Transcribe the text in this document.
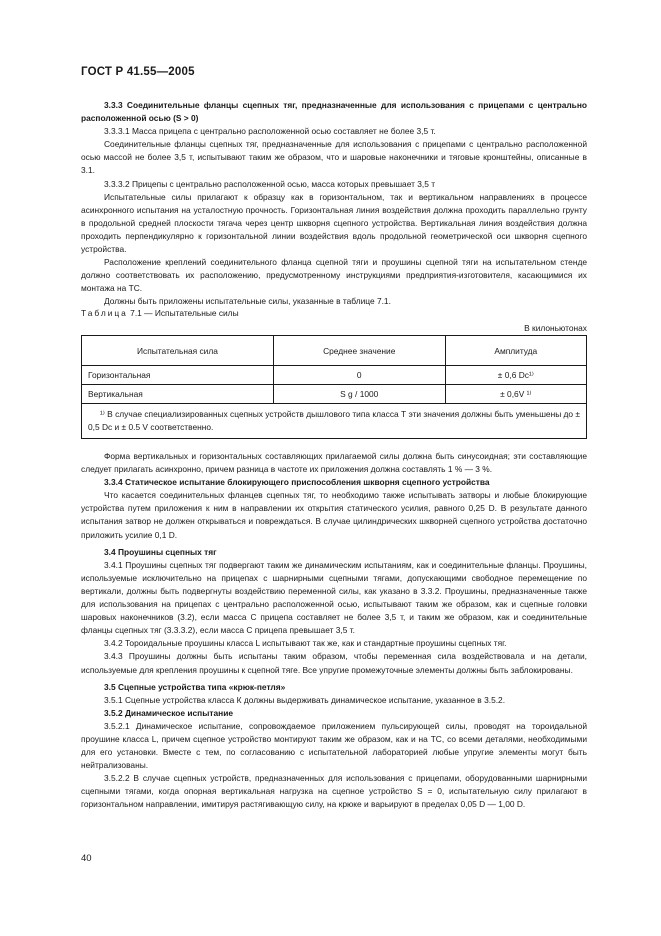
ГОСТ Р 41.55—2005

3.3.3 Соединительные фланцы сцепных тяг, предназначенные для использования с прицепами с центрально расположенной осью (S > 0)

3.3.3.1 Масса прицепа с центрально расположенной осью составляет не более 3,5 т.

Соединительные фланцы сцепных тяг, предназначенные для использования с прицепами с центрально расположенной осью массой не более 3,5 т, испытывают таким же образом, что и шаровые наконечники и тяговые кронштейны, описанные в 3.1.

3.3.3.2 Прицепы с центрально расположенной осью, масса которых превышает 3,5 т

Испытательные силы прилагают к образцу как в горизонтальном, так и вертикальном направлениях в процессе асинхронного испытания на усталостную прочность. Горизонтальная линия воздействия должна проходить параллельно грунту в продольной средней плоскости тягача через центр шкворня сцепного устройства. Вертикальная линия воздействия должна проходить перпендикулярно к горизонтальной линии воздействия вдоль продольной геометрической оси шкворня сцепного устройства.

Расположение креплений соединительного фланца сцепной тяги и проушины сцепной тяги на испытательном стенде должно соответствовать их расположению, предусмотренному инструкциями предприятия-изготовителя, касающимися их монтажа на ТС.

Должны быть приложены испытательные силы, указанные в таблице 7.1.

Таблица 7.1 — Испытательные силы
В килоньютонах
Испытательная сила	Среднее значение	Амплитуда
Горизонтальная	0	± 0,6 Dc¹⁾
Вертикальная	S g / 1000	± 0,6V ¹⁾
¹⁾ В случае специализированных сцепных устройств дышлового типа класса Т эти значения должны быть уменьшены до ± 0,5 Dc и ± 0.5 V соответственно.		

Форма вертикальных и горизонтальных составляющих прилагаемой силы должна быть синусоидная; эти составляющие следует прилагать асинхронно, причем разница в частоте их приложения должна составлять 1 % — 3 %.

3.3.4 Статическое испытание блокирующего приспособления шкворня сцепного устройства

Что касается соединительных фланцев сцепных тяг, то необходимо также испытывать затворы и любые блокирующие устройства путем приложения к ним в направлении их открытия статического усилия, равного 0,25 D. В результате данного испытания затвор не должен открываться и повреждаться. В случае цилиндрических шкворней сцепного устройства достаточно приложить усилие 0,1 D.

3.4 Проушины сцепных тяг

3.4.1 Проушины сцепных тяг подвергают таким же динамическим испытаниям, как и соединительные фланцы. Проушины, используемые исключительно на прицепах с шарнирными сцепными тягами, допускающими свободное перемещение по вертикали, должны быть подвергнуты воздействию переменной силы, как указано в 3.3.2. Проушины, предназначенные также для использования на прицепах с центрально расположенной осью, испытывают таким же образом, как и сцепные головки шаровых наконечников (3.2), если масса C прицепа составляет не более 3,5 т, и таким же образом, как и соединительные фланцы сцепных тяг (3.3.3.2), если масса C прицепа превышает 3,5 т.

3.4.2 Тороидальные проушины класса L испытывают так же, как и стандартные проушины сцепных тяг.

3.4.3 Проушины должны быть испытаны таким образом, чтобы переменная сила воздействовала и на детали, используемые для крепления проушины к сцепной тяге. Все упругие промежуточные элементы должны быть заблокированы.

3.5 Сцепные устройства типа «крюк-петля»

3.5.1 Сцепные устройства класса К должны выдерживать динамическое испытание, указанное в 3.5.2.

3.5.2 Динамическое испытание

3.5.2.1 Динамическое испытание, сопровождаемое приложением пульсирующей силы, проводят на тороидальной проушине класса L, причем сцепное устройство монтируют таким же образом, как и на ТС, со всеми деталями, необходимыми для его установки. Вместе с тем, по согласованию с испытательной лабораторией любые упругие элементы могут быть нейтрализованы.

3.5.2.2 В случае сцепных устройств, предназначенных для использования с прицепами, оборудованными шарнирными сцепными тягами, когда опорная вертикальная нагрузка на сцепное устройство S = 0, испытательную силу прилагают в горизонтальном направлении, имитируя растягивающую силу, на крюке и варьируют в пределах 0,05 D — 1,00 D.

40
